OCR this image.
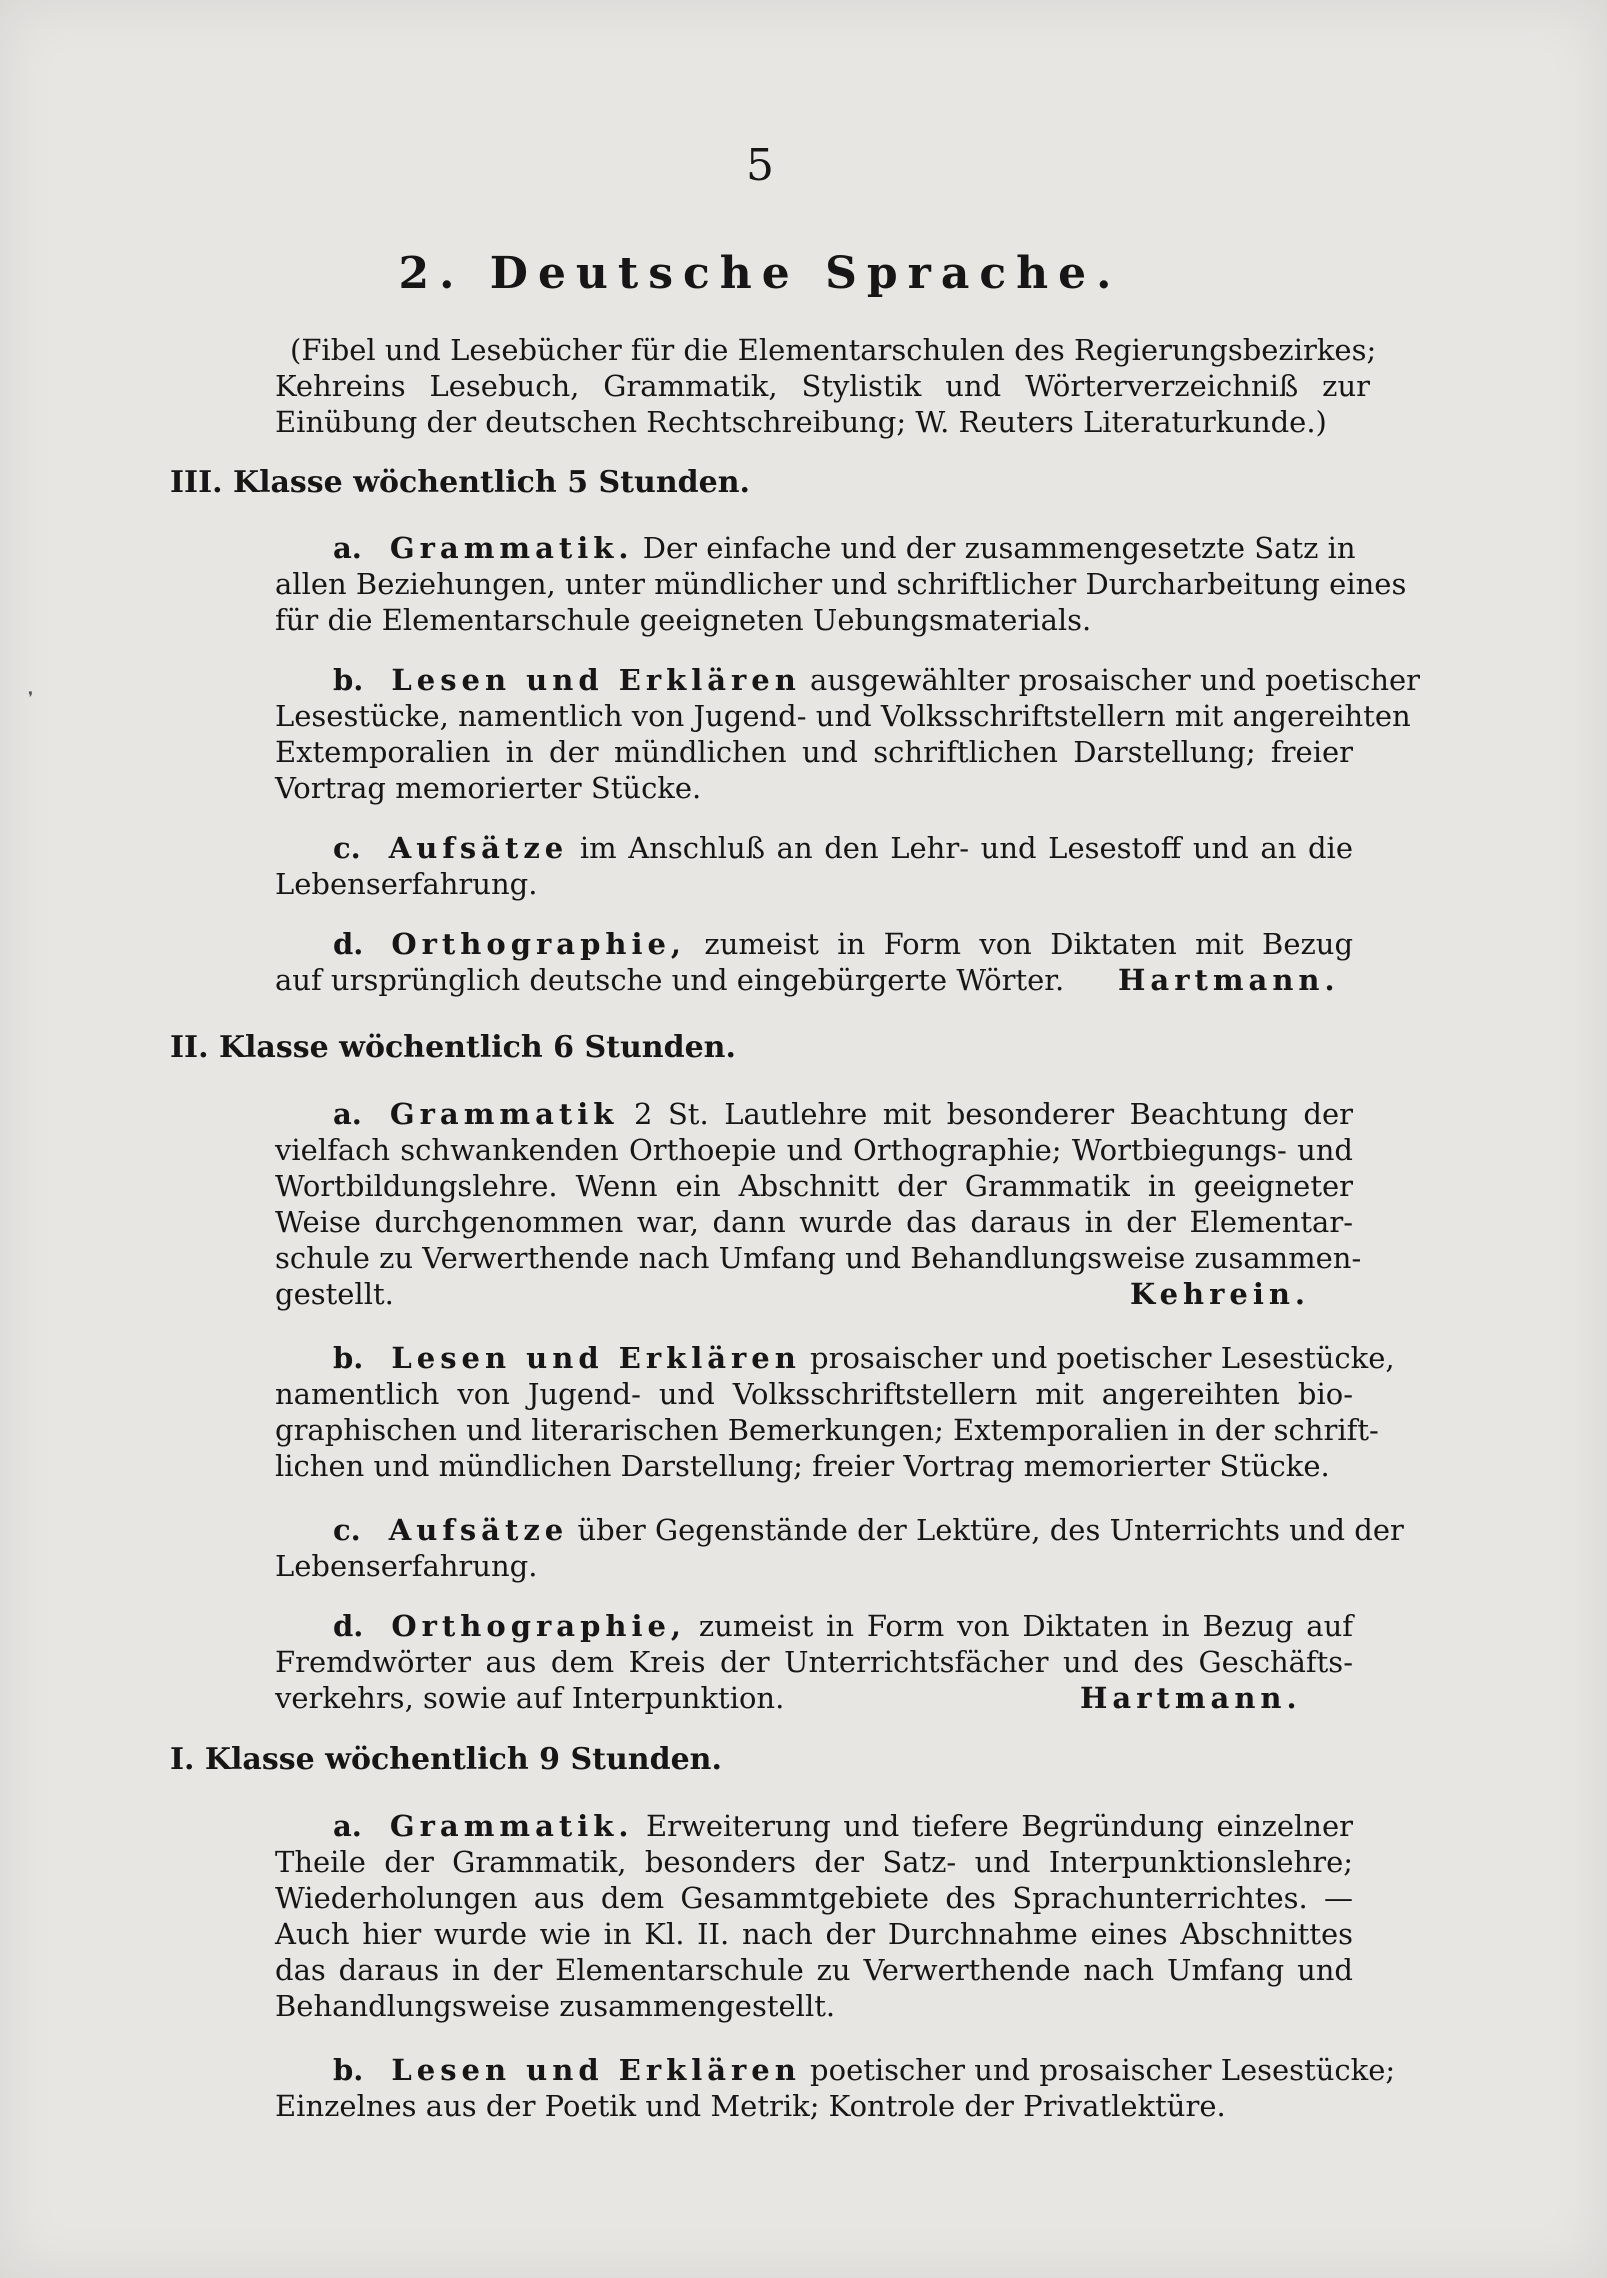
❜
5
2. Deutsche Sprache.
(Fibel und Lesebücher für die Elementarschulen des Regierungsbezirkes;
Kehreins Lesebuch, Grammatik, Stylistik und Wörterverzeichniß zur
Einübung der deutschen Rechtschreibung; W. Reuters Literaturkunde.)
III. Klasse wöchentlich 5 Stunden.
a. Grammatik. Der einfache und der zusammengesetzte Satz in
allen Beziehungen, unter mündlicher und schriftlicher Durcharbeitung eines
für die Elementarschule geeigneten Uebungsmaterials.
b. Lesen und Erklären ausgewählter prosaischer und poetischer
Lesestücke, namentlich von Jugend- und Volksschriftstellern mit angereihten
Extemporalien in der mündlichen und schriftlichen Darstellung; freier
Vortrag memorierter Stücke.
c. Aufsätze im Anschluß an den Lehr- und Lesestoff und an die
Lebenserfahrung.
d. Orthographie, zumeist in Form von Diktaten mit Bezug
auf ursprünglich deutsche und eingebürgerte Wörter. Hartmann.
II. Klasse wöchentlich 6 Stunden.
a. Grammatik 2 St. Lautlehre mit besonderer Beachtung der
vielfach schwankenden Orthoepie und Orthographie; Wortbiegungs- und
Wortbildungslehre. Wenn ein Abschnitt der Grammatik in geeigneter
Weise durchgenommen war, dann wurde das daraus in der Elementar-
schule zu Verwerthende nach Umfang und Behandlungsweise zusammen-
gestellt.	Kehrein.
b. Lesen und Erklären prosaischer und poetischer Lesestücke,
namentlich von Jugend- und Volksschriftstellern mit angereihten bio-
graphischen und literarischen Bemerkungen; Extemporalien in der schrift-
lichen und mündlichen Darstellung; freier Vortrag memorierter Stücke.
c. Aufsätze über Gegenstände der Lektüre, des Unterrichts und der
Lebenserfahrung.
d. Orthographie, zumeist in Form von Diktaten in Bezug auf
Fremdwörter aus dem Kreis der Unterrichtsfächer und des Geschäfts-
verkehrs, sowie auf Interpunktion.	Hartmann.
I. Klasse wöchentlich 9 Stunden.
a. Grammatik. Erweiterung und tiefere Begründung einzelner
Theile der Grammatik, besonders der Satz- und Interpunktionslehre;
Wiederholungen aus dem Gesammtgebiete des Sprachunterrichtes. —
Auch hier wurde wie in Kl. II. nach der Durchnahme eines Abschnittes
das daraus in der Elementarschule zu Verwerthende nach Umfang und
Behandlungsweise zusammengestellt.
b. Lesen und Erklären poetischer und prosaischer Lesestücke;
Einzelnes aus der Poetik und Metrik; Kontrole der Privatlektüre.
